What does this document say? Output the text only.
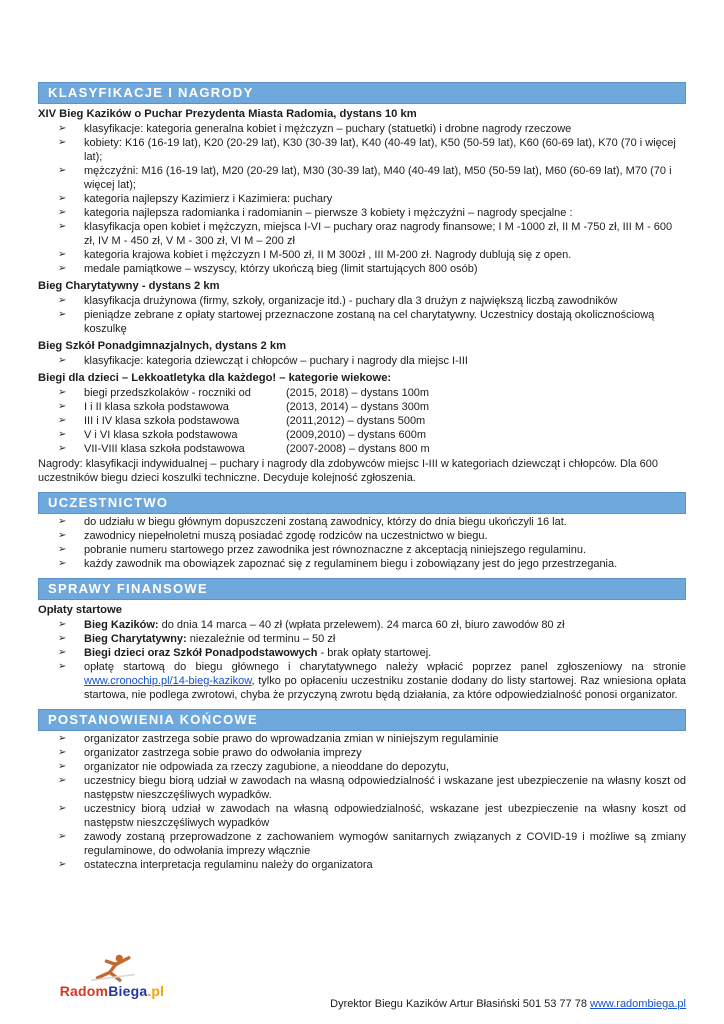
KLASYFIKACJE I NAGRODY
XIV Bieg Kazików o Puchar Prezydenta Miasta Radomia, dystans 10 km
➢	klasyfikacje: kategoria generalna kobiet i mężczyzn – puchary (statuetki) i drobne nagrody rzeczowe
➢	kobiety: K16 (16-19 lat), K20 (20-29 lat), K30 (30-39 lat), K40 (40-49 lat), K50 (50-59 lat), K60 (60-69 lat), K70 (70 i więcej lat);
➢	mężczyźni: M16 (16-19 lat), M20 (20-29 lat), M30 (30-39 lat), M40 (40-49 lat), M50 (50-59 lat), M60 (60-69 lat), M70 (70 i więcej lat);
➢	kategoria najlepszy Kazimierz i Kazimiera: puchary
➢	kategoria najlepsza radomianka i radomianin – pierwsze 3 kobiety i mężczyźni – nagrody specjalne :
➢	klasyfikacja open kobiet i mężczyzn, miejsca I-VI – puchary oraz nagrody finansowe; I M -1000 zł, II M -750 zł, III M - 600 zł, IV M - 450 zł, V M - 300 zł, VI M – 200 zł
➢	kategoria krajowa kobiet i mężczyzn I M-500 zł, II M 300zł , III M-200 zł. Nagrody dublują się z open.
➢	medale pamiątkowe – wszyscy, którzy ukończą bieg (limit startujących 800 osób)
Bieg Charytatywny - dystans 2 km
➢	klasyfikacja drużynowa (firmy, szkoły, organizacje itd.) - puchary dla 3 drużyn z największą liczbą zawodników
➢	pieniądze zebrane z opłaty startowej przeznaczone zostaną na cel charytatywny. Uczestnicy dostają okolicznościową koszulkę
Bieg Szkół Ponadgimnazjalnych, dystans 2 km
➢	klasyfikacje: kategoria dziewcząt i chłopców – puchary i nagrody dla miejsc I-III
Biegi dla dzieci – Lekkoatletyka dla każdego! – kategorie wiekowe:
➢	biegi przedszkolaków - roczniki od	(2015, 2018) – dystans 100m
➢	I i II klasa szkoła podstawowa	(2013, 2014) – dystans 300m
➢	III i IV klasa szkoła podstawowa	(2011,2012) – dystans 500m
➢	V i VI klasa szkoła podstawowa	(2009,2010) – dystans 600m
➢	VII-VIII klasa szkoła podstawowa	(2007-2008) – dystans 800 m
Nagrody: klasyfikacji indywidualnej – puchary i nagrody dla zdobywców miejsc I-III w kategoriach dziewcząt i chłopców. Dla 600 uczestników biegu dzieci koszulki techniczne. Decyduje kolejność zgłoszenia.
UCZESTNICTWO
➢	do udziału w biegu głównym dopuszczeni zostaną zawodnicy, którzy do dnia biegu ukończyli 16 lat.
➢	zawodnicy niepełnoletni muszą posiadać zgodę rodziców na uczestnictwo w biegu.
➢	pobranie numeru startowego przez zawodnika jest równoznaczne z akceptacją niniejszego regulaminu.
➢	każdy zawodnik ma obowiązek zapoznać się z regulaminem biegu i zobowiązany jest do jego przestrzegania.
SPRAWY FINANSOWE
Opłaty startowe
➢	Bieg Kazików: do dnia 14 marca – 40 zł (wpłata przelewem). 24 marca 60 zł, biuro zawodów 80 zł
➢	Bieg Charytatywny: niezależnie od terminu – 50 zł
➢	Biegi dzieci oraz Szkół Ponadpodstawowych - brak opłaty startowej.
➢	opłatę startową do biegu głównego i charytatywnego należy wpłacić poprzez panel zgłoszeniowy na stronie www.cronochip.pl/14-bieg-kazikow, tylko po opłaceniu uczestniku zostanie dodany do listy startowej. Raz wniesiona opłata startowa, nie podlega zwrotowi, chyba że przyczyną zwrotu będą działania, za które odpowiedzialność ponosi organizator.
POSTANOWIENIA KOŃCOWE
➢	organizator zastrzega sobie prawo do wprowadzania zmian w niniejszym regulaminie
➢	organizator zastrzega sobie prawo do odwołania imprezy
➢	organizator nie odpowiada za rzeczy zagubione, a nieoddane do depozytu,
➢	uczestnicy biegu biorą udział w zawodach na własną odpowiedzialność i wskazane jest ubezpieczenie na własny koszt od następstw nieszczęśliwych wypadków.
➢	uczestnicy biorą udział w zawodach na własną odpowiedzialność, wskazane jest ubezpieczenie na własny koszt od następstw nieszczęśliwych wypadków
➢	zawody zostaną przeprowadzone z zachowaniem wymogów sanitarnych związanych z COVID-19 i możliwe są zmiany regulaminowe, do odwołania imprezy włącznie
➢	ostateczna interpretacja regulaminu należy do organizatora
RadomBiega.pl
Dyrektor Biegu Kazików Artur Błasiński 501 53 77 78 www.radombiega.pl
